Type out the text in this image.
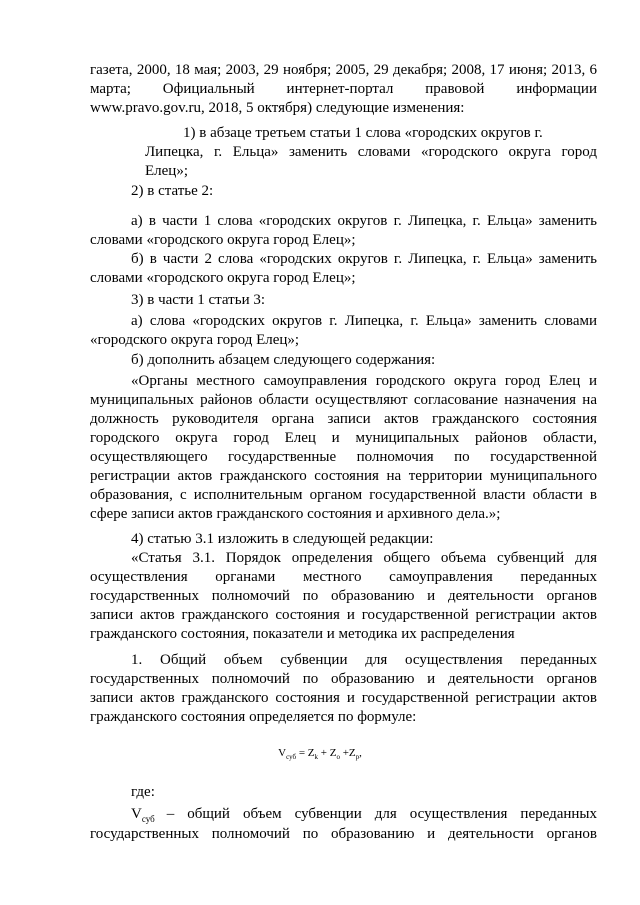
газета, 2000, 18 мая; 2003, 29 ноября; 2005, 29 декабря; 2008, 17 июня; 2013, 6
марта; Официальный интернет-портал правовой информации
www.pravo.gov.ru, 2018, 5 октября) следующие изменения:
1) в абзаце третьем статьи 1 слова «городских округов г.
Липецка, г. Ельца» заменить словами «городского округа город
Елец»;
2) в статье 2:
а) в части 1 слова «городских округов г. Липецка, г. Ельца» заменить
словами «городского округа город Елец»;
б) в части 2 слова «городских округов г. Липецка, г. Ельца» заменить
словами «городского округа город Елец»;
3) в части 1 статьи 3:
а) слова «городских округов г. Липецка, г. Ельца» заменить словами
«городского округа город Елец»;
б) дополнить абзацем следующего содержания:
«Органы местного самоуправления городского округа город Елец и
муниципальных районов области осуществляют согласование назначения на
должность руководителя органа записи актов гражданского состояния
городского округа город Елец и муниципальных районов области,
осуществляющего государственные полномочия по государственной
регистрации актов гражданского состояния на территории муниципального
образования, с исполнительным органом государственной власти области в
сфере записи актов гражданского состояния и архивного дела.»;
4) статью 3.1 изложить в следующей редакции:
«Статья 3.1. Порядок определения общего объема субвенций для
осуществления органами местного самоуправления переданных
государственных полномочий по образованию и деятельности органов
записи актов гражданского состояния и государственной регистрации актов
гражданского состояния, показатели и методика их распределения
1. Общий объем субвенции для осуществления переданных
государственных полномочий по образованию и деятельности органов
записи актов гражданского состояния и государственной регистрации актов
гражданского состояния определяется по формуле:
$V_{суб} = Z_k + Z_о +Z_р$,
где:
$V_{суб}$ – общий объем субвенции для осуществления переданных
государственных полномочий по образованию и деятельности органов
